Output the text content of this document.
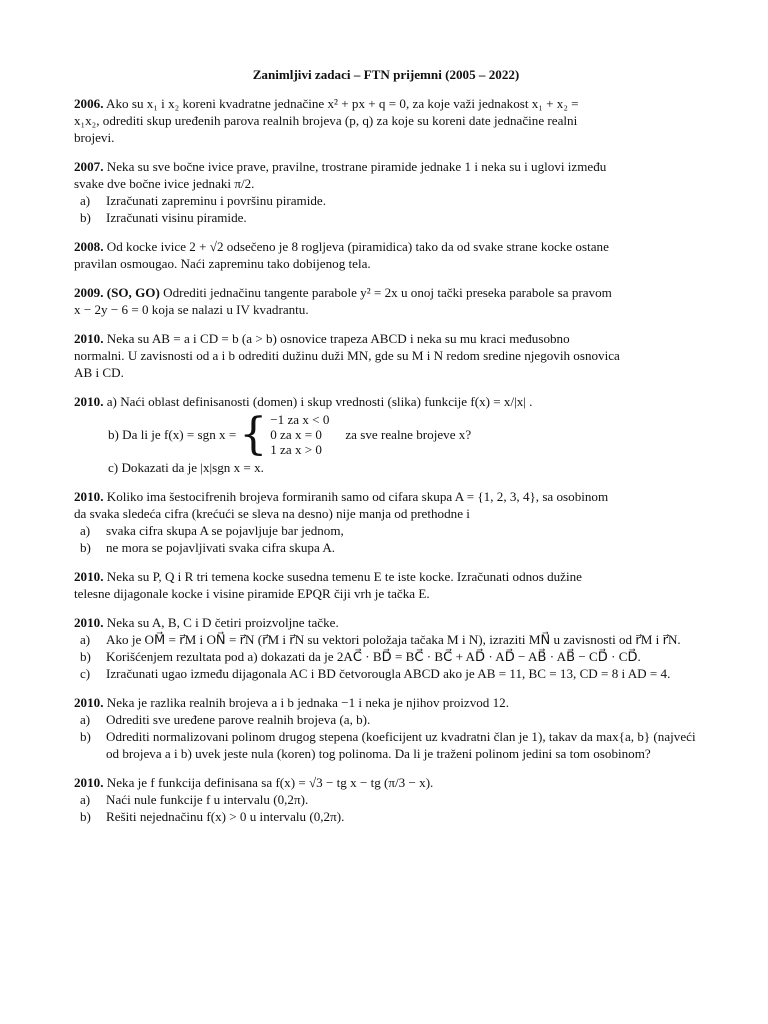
Zanimljivi zadaci – FTN prijemni (2005 – 2022)
2006. Ako su x₁ i x₂ koreni kvadratne jednačine x² + px + q = 0, za koje važi jednakost x₁ + x₂ =
x₁x₂, odrediti skup uređenih parova realnih brojeva (p, q) za koje su koreni date jednačine realni
brojevi.
2007. Neka su sve bočne ivice prave, pravilne, trostrane piramide jednake 1 i neka su i uglovi između
svake dve bočne ivice jednaki π/2.
a)	Izračunati zapreminu i površinu piramide.
b)	Izračunati visinu piramide.
2008. Od kocke ivice 2 + √2 odsečeno je 8 rogljeva (piramidica) tako da od svake strane kocke ostane
pravilan osmougao. Naći zapreminu tako dobijenog tela.
2009. (SO, GO) Odrediti jednačinu tangente parabole y² = 2x u onoj tački preseka parabole sa pravom
x − 2y − 6 = 0 koja se nalazi u IV kvadrantu.
2010. Neka su AB = a i CD = b (a > b) osnovice trapeza ABCD i neka su mu kraci međusobno
normalni. U zavisnosti od a i b odrediti dužinu duži MN, gde su M i N redom sredine njegovih osnovica
AB i CD.
2010. a) Naći oblast definisanosti (domen) i skup vrednosti (slika) funkcije f(x) = x/|x| .
b) Da li je f(x) = sgn x = { −1 za x < 0
0 za x = 0
1 za x > 0
za sve realne brojeve x?
c) Dokazati da je |x|sgn x = x.
2010. Koliko ima šestocifrenih brojeva formiranih samo od cifara skupa A = {1, 2, 3, 4}, sa osobinom
da svaka sledeća cifra (krećući se sleva na desno) nije manja od prethodne i
a)	svaka cifra skupa A se pojavljuje bar jednom,
b)	ne mora se pojavljivati svaka cifra skupa A.
2010. Neka su P, Q i R tri temena kocke susedna temenu E te iste kocke. Izračunati odnos dužine
telesne dijagonale kocke i visine piramide EPQR čiji vrh je tačka E.
2010. Neka su A, B, C i D četiri proizvoljne tačke.
a)	Ako je OM⃗ = r⃗M i ON⃗ = r⃗N (r⃗M i r⃗N su vektori položaja tačaka M i N), izraziti MN⃗ u zavisnosti od r⃗M i r⃗N.
b)	Korišćenjem rezultata pod a) dokazati da je 2AC⃗ · BD⃗ = BC⃗ · BC⃗ + AD⃗ · AD⃗ − AB⃗ · AB⃗ − CD⃗ · CD⃗.
c)	Izračunati ugao između dijagonala AC i BD četvorougla ABCD ako je AB = 11, BC = 13, CD = 8 i AD = 4.
2010. Neka je razlika realnih brojeva a i b jednaka −1 i neka je njihov proizvod 12.
a)	Odrediti sve uređene parove realnih brojeva (a, b).
b)	Odrediti normalizovani polinom drugog stepena (koeficijent uz kvadratni član je 1), takav da max{a, b} (najveći od brojeva a i b) uvek jeste nula (koren) tog polinoma. Da li je traženi polinom jedini sa tom osobinom?
2010. Neka je f funkcija definisana sa f(x) = √3 − tg x − tg (π/3 − x).
a)	Naći nule funkcije f u intervalu (0,2π).
b)	Rešiti nejednačinu f(x) > 0 u intervalu (0,2π).
